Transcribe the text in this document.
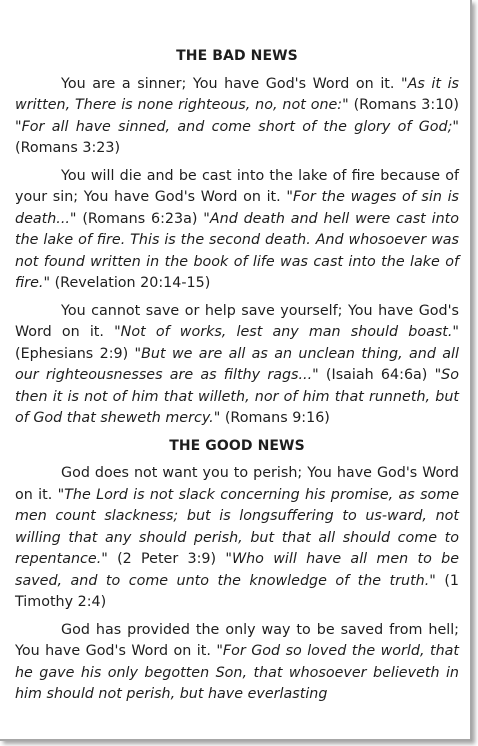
THE BAD NEWS

You are a sinner; You have God's Word on it. "As it is written, There is none righteous, no, not one:" (Romans 3:10) "For all have sinned, and come short of the glory of God;" (Romans 3:23)

You will die and be cast into the lake of fire because of your sin; You have God's Word on it. "For the wages of sin is death..." (Romans 6:23a) "And death and hell were cast into the lake of fire. This is the second death. And whosoever was not found written in the book of life was cast into the lake of fire." (Revelation 20:14-15)

You cannot save or help save yourself; You have God's Word on it. "Not of works, lest any man should boast." (Ephesians 2:9) "But we are all as an unclean thing, and all our righteousnesses are as filthy rags..." (Isaiah 64:6a) "So then it is not of him that willeth, nor of him that runneth, but of God that sheweth mercy." (Romans 9:16)

THE GOOD NEWS

God does not want you to perish; You have God's Word on it. "The Lord is not slack concerning his promise, as some men count slackness; but is longsuffering to us-ward, not willing that any should perish, but that all should come to repentance." (2 Peter 3:9) "Who will have all men to be saved, and to come unto the knowledge of the truth." (1 Timothy 2:4)

God has provided the only way to be saved from hell; You have God's Word on it. "For God so loved the world, that he gave his only begotten Son, that whosoever believeth in him should not perish, but have everlasting
